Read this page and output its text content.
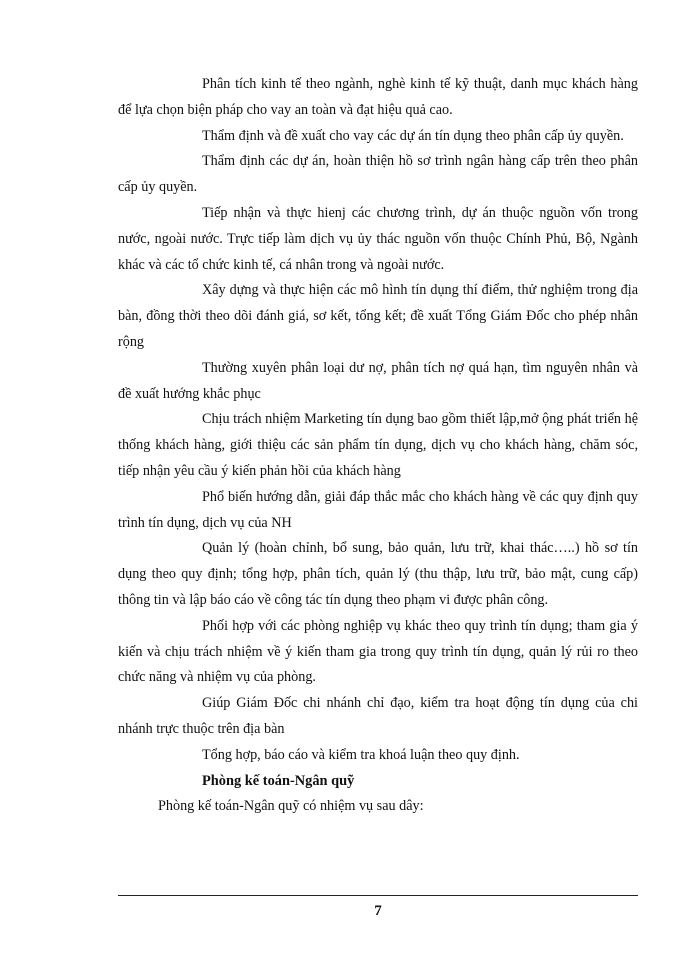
Phân tích kinh tế theo ngành, nghè kinh tế kỹ thuật, danh mục khách hàng để lựa chọn biện pháp cho vay an toàn và đạt hiệu quả cao.

Thẩm định và đề xuất cho vay các dự án tín dụng theo phân cấp ủy quyền.

Thẩm định các dự án, hoàn thiện hồ sơ trình ngân hàng cấp trên theo phân cấp ủy quyền.

Tiếp nhận và thực hienj các chương trình, dự án thuộc nguồn vốn trong nước, ngoài nước. Trực tiếp làm dịch vụ ủy thác nguồn vốn thuộc Chính Phủ, Bộ, Ngành khác và các tổ chức kinh tế, cá nhân trong và ngoài nước.

Xây dựng và thực hiện các mô hình tín dụng thí điểm, thử nghiệm trong địa bàn, đồng thời theo dõi đánh giá, sơ kết, tổng kết; đề xuất Tổng Giám Đốc cho phép nhân rộng

Thường xuyên phân loại dư nợ, phân tích nợ quá hạn, tìm nguyên nhân và đề xuất hướng khắc phục

Chịu trách nhiệm Marketing tín dụng bao gồm thiết lập,mở ộng phát triển hệ thống khách hàng, giới thiệu các sản phẩm tín dụng, dịch vụ cho khách hàng, chăm sóc, tiếp nhận yêu cầu ý kiến phản hồi của khách hàng

Phổ biến hướng dẫn, giải đáp thắc mắc cho khách hàng về các quy định quy trình tín dụng, dịch vụ của NH

Quản lý (hoàn chỉnh, bổ sung, bảo quản, lưu trữ, khai thác…..) hồ sơ tín dụng theo quy định; tổng hợp, phân tích, quản lý (thu thập, lưu trữ, bảo mật, cung cấp) thông tin và lập báo cáo về công tác tín dụng theo phạm vi được phân công.

Phối hợp với các phòng nghiệp vụ khác theo quy trình tín dụng; tham gia ý kiến và chịu trách nhiệm về ý kiến tham gia trong quy trình tín dụng, quản lý rủi ro theo chức năng và nhiệm vụ của phòng.

Giúp Giám Đốc chi nhánh chỉ đạo, kiểm tra hoạt động tín dụng của chi nhánh trực thuộc trên địa bàn

Tổng hợp, báo cáo và kiểm tra khoá luận theo quy định.

Phòng kế toán-Ngân quỹ

Phòng kế toán-Ngân quỹ có nhiệm vụ sau dây:

7
